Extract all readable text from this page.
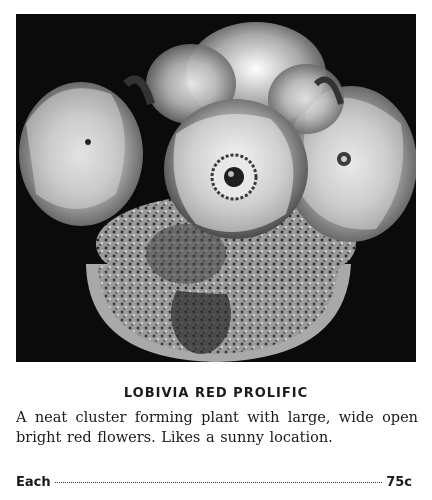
LOBIVIA RED PROLIFIC
A neat cluster forming plant with large, wide open bright red flowers. Likes a sunny location.
Each	75c
